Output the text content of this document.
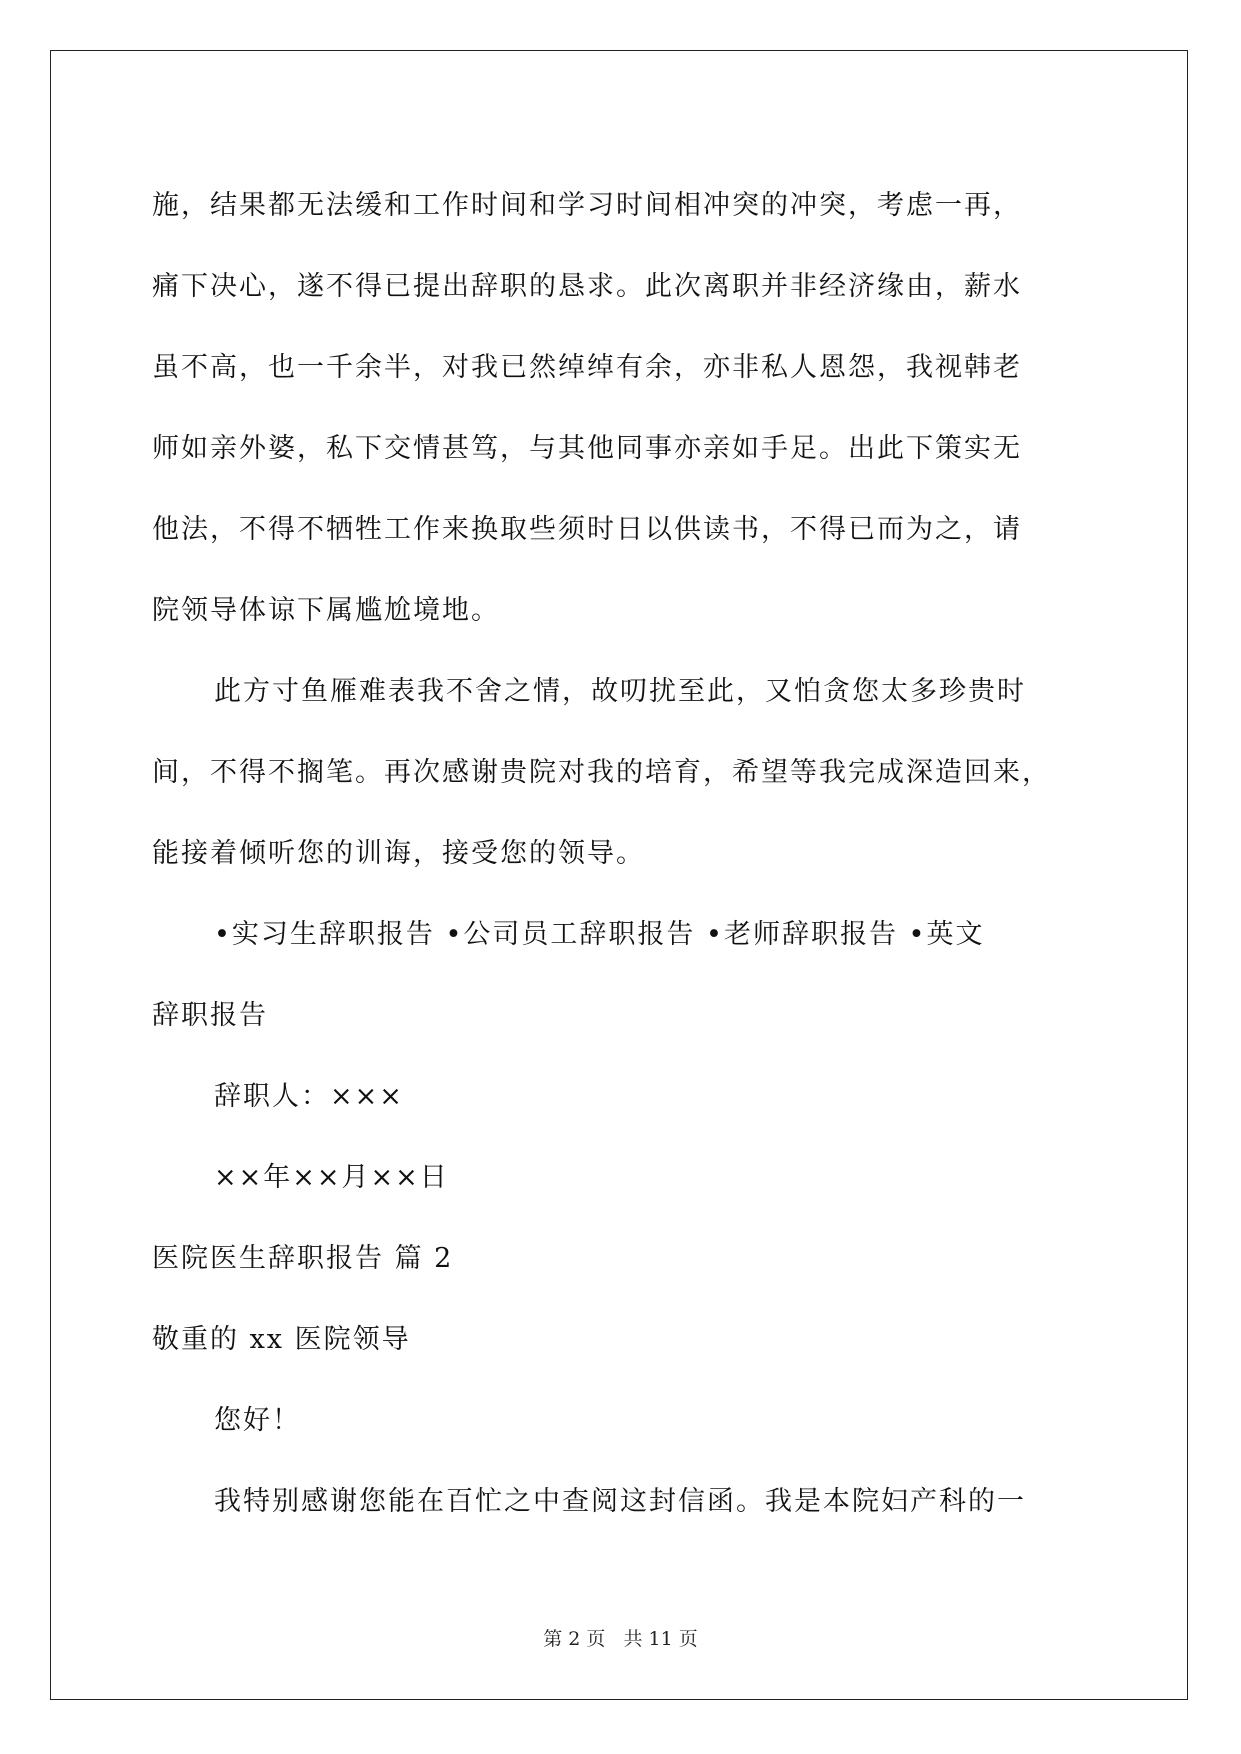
施，结果都无法缓和工作时间和学习时间相冲突的冲突，考虑一再，
痛下决心，遂不得已提出辞职的恳求。此次离职并非经济缘由，薪水
虽不高，也一千余半，对我已然绰绰有余，亦非私人恩怨，我视韩老
师如亲外婆，私下交情甚笃，与其他同事亦亲如手足。出此下策实无
他法，不得不牺牲工作来换取些须时日以供读书，不得已而为之，请
院领导体谅下属尴尬境地。
此方寸鱼雁难表我不舍之情，故叨扰至此，又怕贪您太多珍贵时
间，不得不搁笔。再次感谢贵院对我的培育，希望等我完成深造回来，
能接着倾听您的训诲，接受您的领导。
•实习生辞职报告 •公司员工辞职报告 •老师辞职报告 •英文
辞职报告
辞职人：×××
××年××月××日
医院医生辞职报告 篇 2
敬重的 xx 医院领导
您好！
我特别感谢您能在百忙之中查阅这封信函。我是本院妇产科的一
第 2 页 共 11 页
